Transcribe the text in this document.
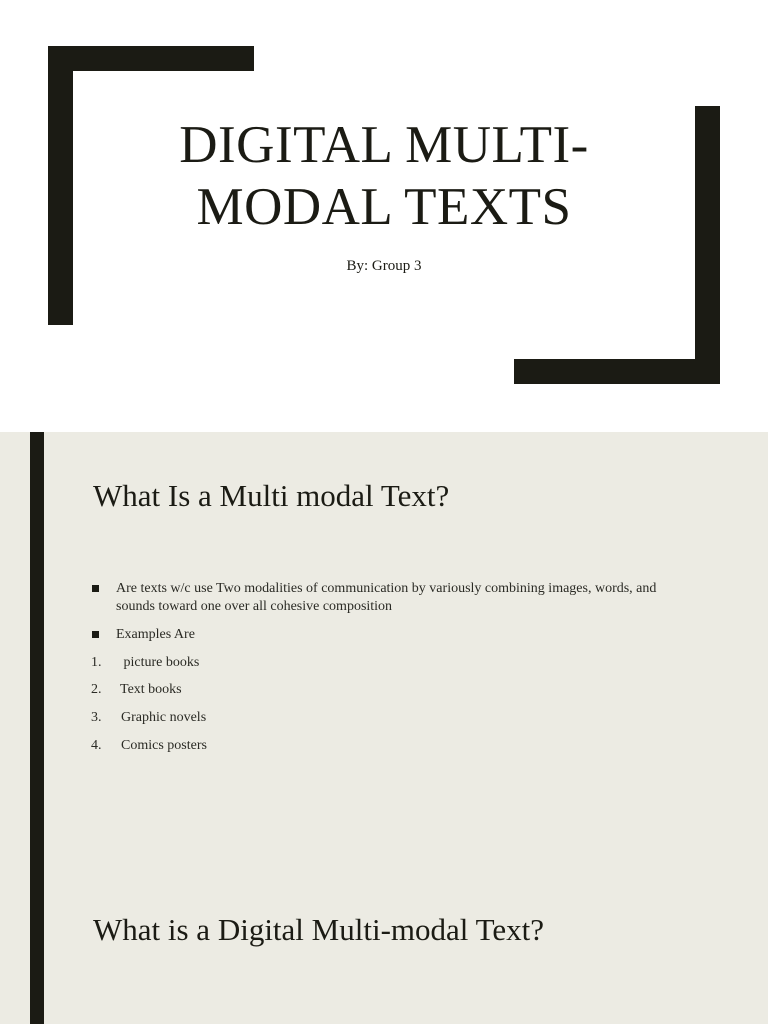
DIGITAL MULTI-
MODAL TEXTS
By: Group 3
What Is a Multi modal Text?
Are texts w/c use Two modalities of communication by variously combining images, words, and sounds toward one over all cohesive composition
Examples Are
1.	picture books
2.	Text books
3.	Graphic novels
4.	Comics posters
What is a Digital Multi-modal Text?
